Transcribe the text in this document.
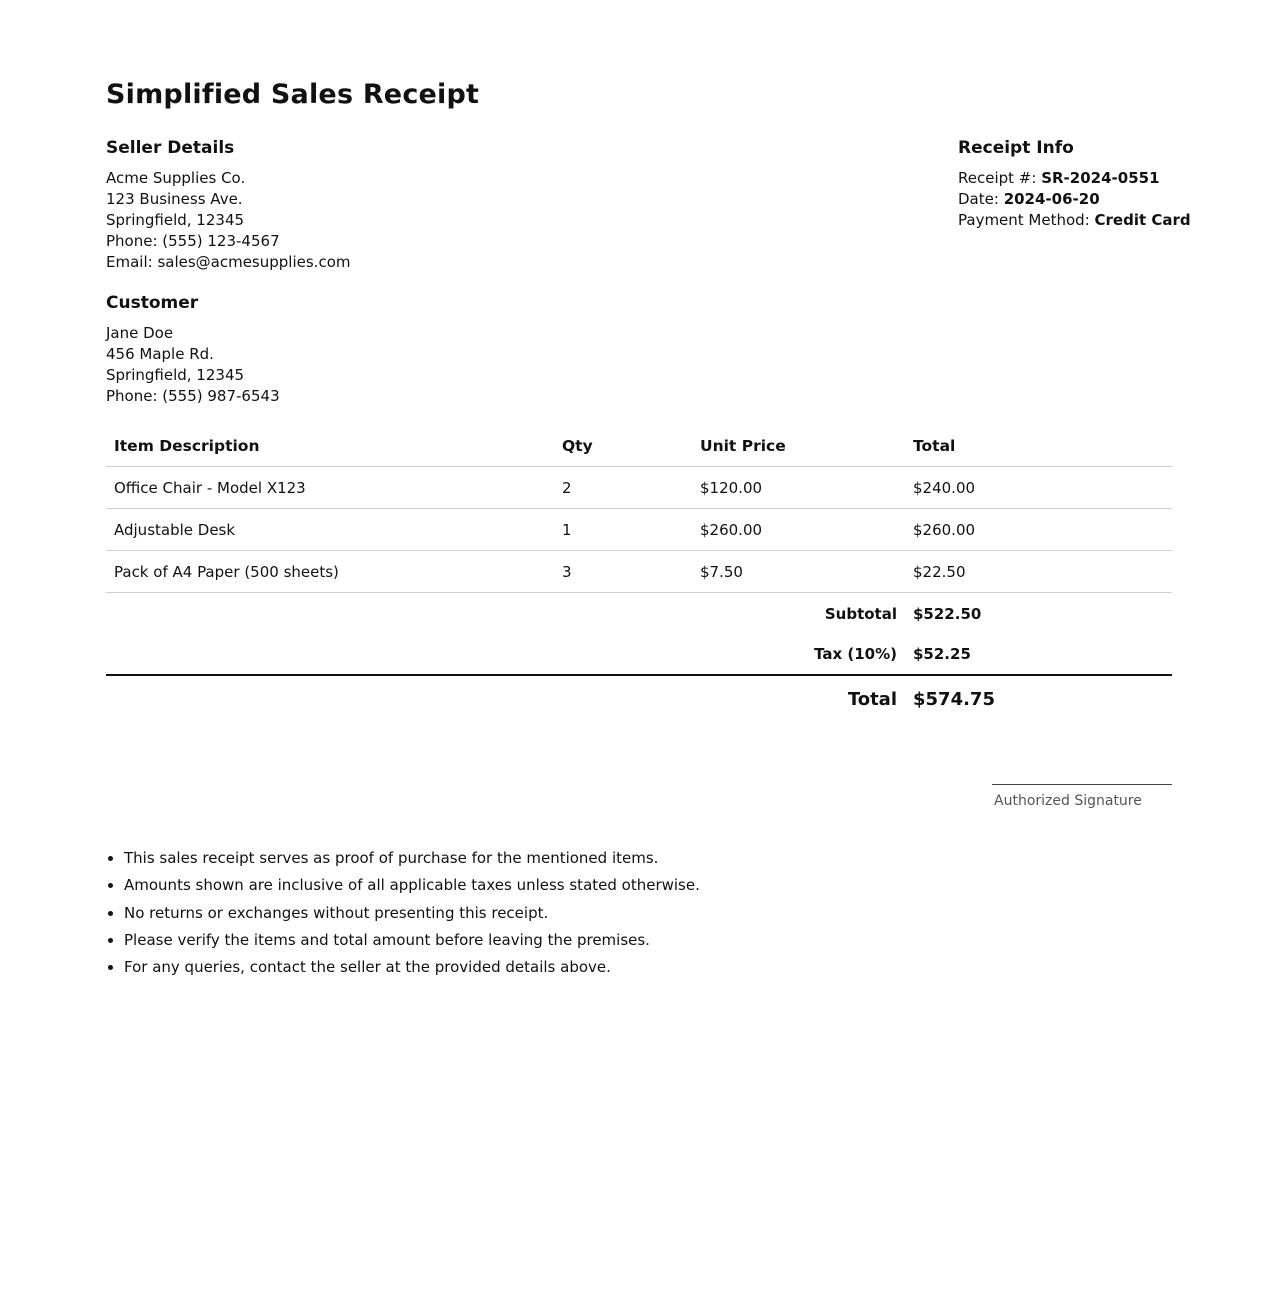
Simplified Sales Receipt
Seller Details
Acme Supplies Co.
123 Business Ave.
Springfield, 12345
Phone: (555) 123-4567
Email: sales@acmesupplies.com
Receipt Info
Receipt #: SR-2024-0551
Date: 2024-06-20
Payment Method: Credit Card
Customer
Jane Doe
456 Maple Rd.
Springfield, 12345
Phone: (555) 987-6543
Item Description	Qty	Unit Price	Total
Office Chair - Model X123	2	$120.00	$240.00
Adjustable Desk	1	$260.00	$260.00
Pack of A4 Paper (500 sheets)	3	$7.50	$22.50
Subtotal			$522.50
Tax (10%)			$52.25
Total			$574.75
Authorized Signature
• This sales receipt serves as proof of purchase for the mentioned items.
• Amounts shown are inclusive of all applicable taxes unless stated otherwise.
• No returns or exchanges without presenting this receipt.
• Please verify the items and total amount before leaving the premises.
• For any queries, contact the seller at the provided details above.
